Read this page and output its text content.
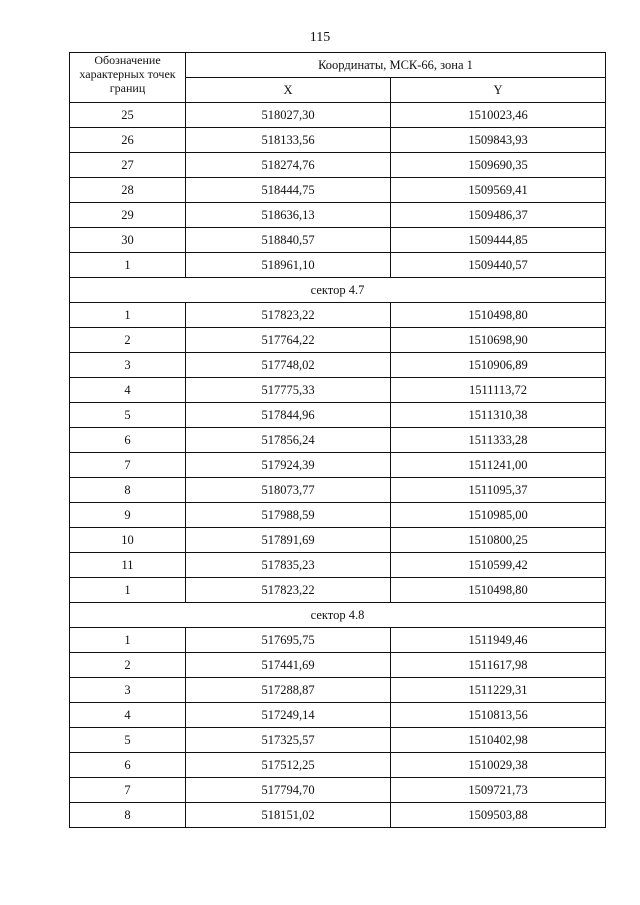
115
Обозначение характерных точек границ	Координаты, МСК-66, зона 1	
	X	Y
25	518027,30	1510023,46
26	518133,56	1509843,93
27	518274,76	1509690,35
28	518444,75	1509569,41
29	518636,13	1509486,37
30	518840,57	1509444,85
1	518961,10	1509440,57
сектор 4.7		
1	517823,22	1510498,80
2	517764,22	1510698,90
3	517748,02	1510906,89
4	517775,33	1511113,72
5	517844,96	1511310,38
6	517856,24	1511333,28
7	517924,39	1511241,00
8	518073,77	1511095,37
9	517988,59	1510985,00
10	517891,69	1510800,25
11	517835,23	1510599,42
1	517823,22	1510498,80
сектор 4.8		
1	517695,75	1511949,46
2	517441,69	1511617,98
3	517288,87	1511229,31
4	517249,14	1510813,56
5	517325,57	1510402,98
6	517512,25	1510029,38
7	517794,70	1509721,73
8	518151,02	1509503,88
